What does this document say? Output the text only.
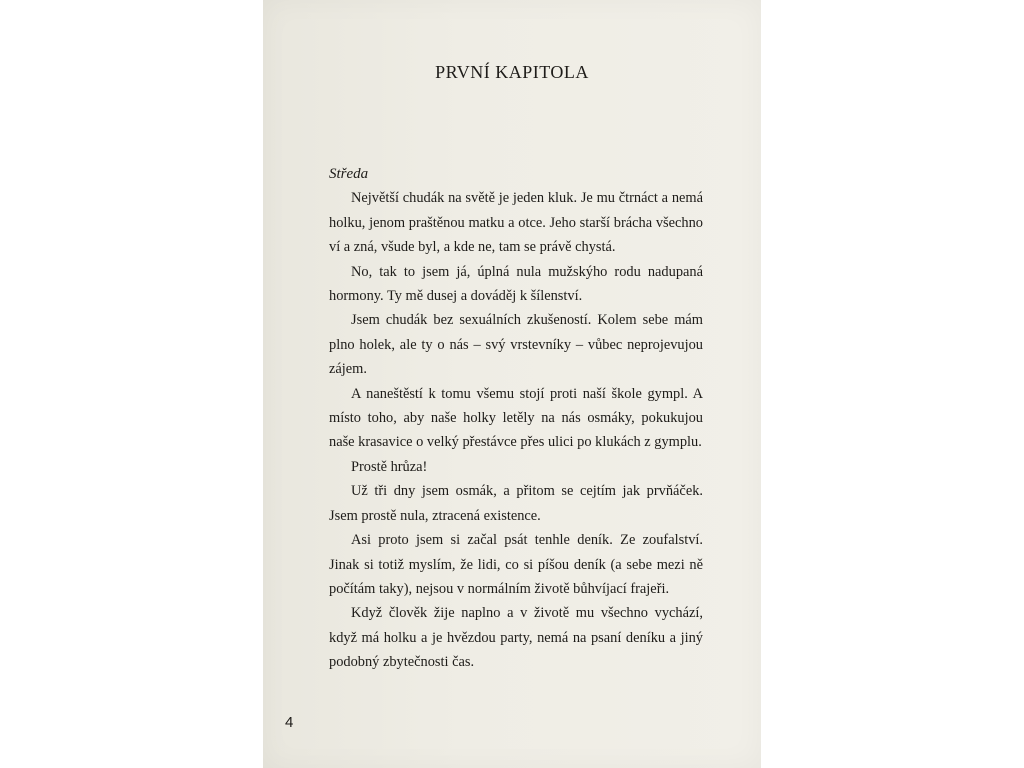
PRVNÍ KAPITOLA

Středa

Největší chudák na světě je jeden kluk. Je mu čtrnáct a nemá holku, jenom praštěnou matku a otce. Jeho starší brácha všechno ví a zná, všude byl, a kde ne, tam se právě chystá.

No, tak to jsem já, úplná nula mužskýho rodu nadupaná hormony. Ty mě dusej a dováděj k šílenství.

Jsem chudák bez sexuálních zkušeností. Kolem sebe mám plno holek, ale ty o nás – svý vrstevníky – vůbec neprojevujou zájem.

A naneštěstí k tomu všemu stojí proti naší škole gympl. A místo toho, aby naše holky letěly na nás osmáky, pokukujou naše krasavice o velký přestávce přes ulici po klukách z gymplu.

Prostě hrůza!

Už tři dny jsem osmák, a přitom se cejtím jak prvňáček. Jsem prostě nula, ztracená existence.

Asi proto jsem si začal psát tenhle deník. Ze zoufalství. Jinak si totiž myslím, že lidi, co si píšou deník (a sebe mezi ně počítám taky), nejsou v normálním životě bůhvíjací frajeři.

Když člověk žije naplno a v životě mu všechno vychází, když má holku a je hvězdou party, nemá na psaní deníku a jiný podobný zbytečnosti čas.

4
